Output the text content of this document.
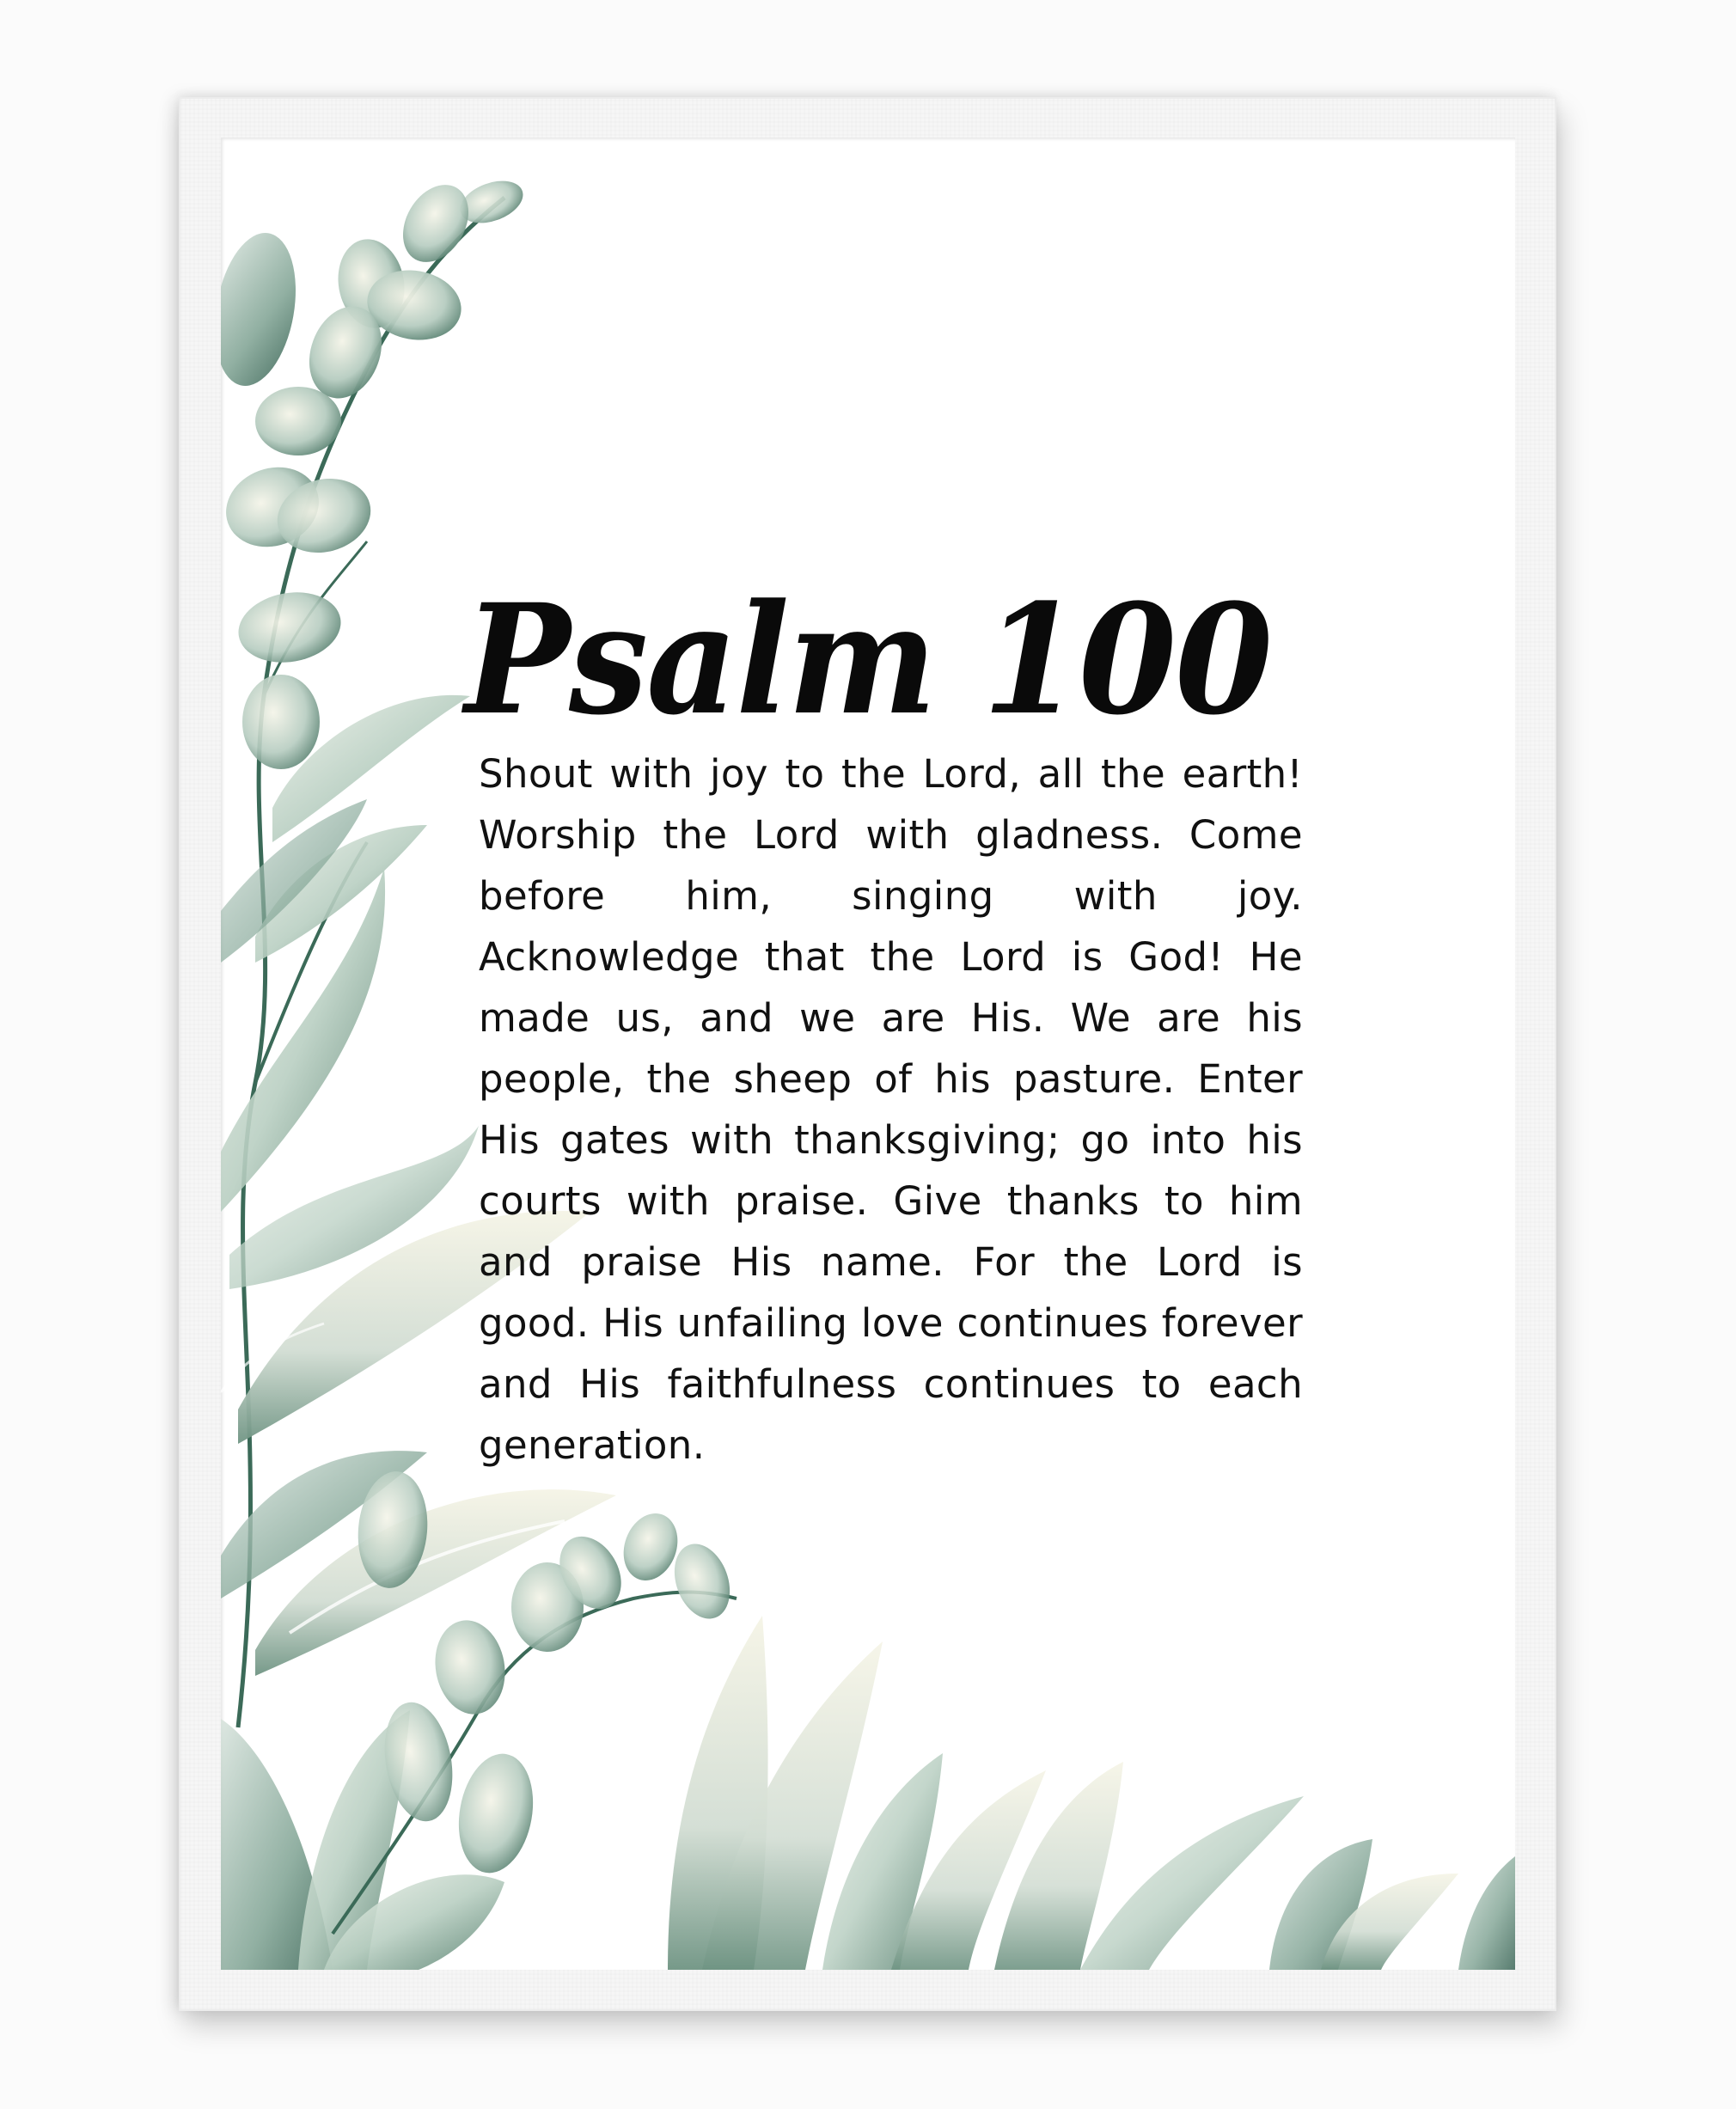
Psalm 100
Shout with joy to the Lord, all the earth! Worship the Lord with gladness. Come before him, singing with joy. Acknowledge that the Lord is God! He made us, and we are His. We are his people, the sheep of his pasture. Enter His gates with thanksgiving; go into his courts with praise. Give thanks to him and praise His name. For the Lord is good. His unfailing love continues forever and His faithfulness continues to each generation.
